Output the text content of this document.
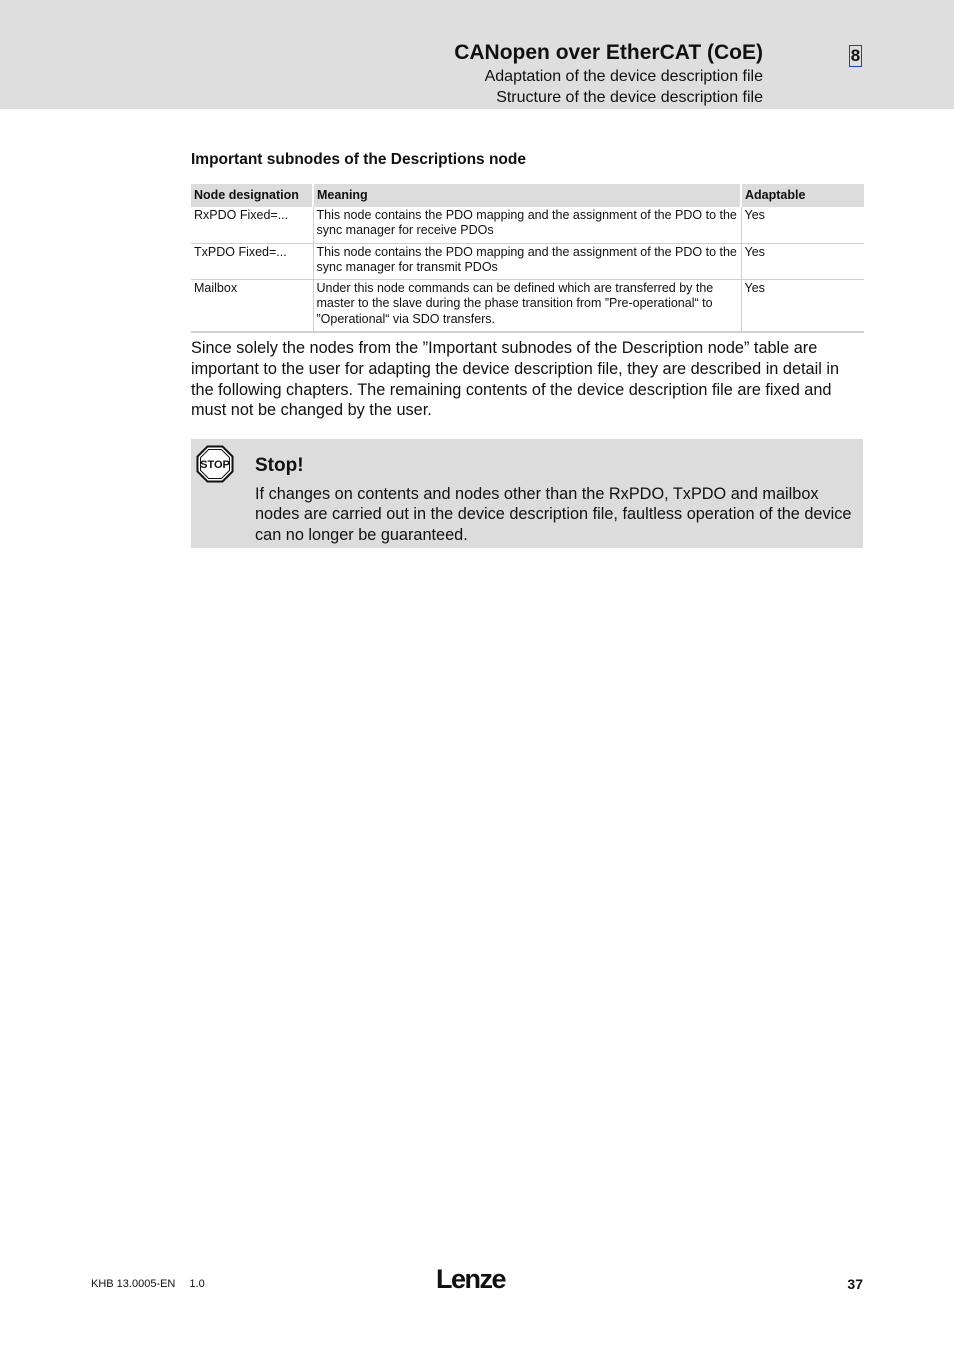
CANopen over EtherCAT (CoE)
Adaptation of the device description file
Structure of the device description file
8
Important subnodes of the Descriptions node
Node designation	Meaning	Adaptable
RxPDO Fixed=...	This node contains the PDO mapping and the assignment of the PDO to the sync manager for receive PDOs	Yes
TxPDO Fixed=...	This node contains the PDO mapping and the assignment of the PDO to the sync manager for transmit PDOs	Yes
Mailbox	Under this node commands can be defined which are transferred by the master to the slave during the phase transition from ”Pre-operational“ to ”Operational“ via SDO transfers.	Yes

Since solely the nodes from the ”Important subnodes of the Description node” table are important to the user for adapting the device description file, they are described in detail in the following chapters. The remaining contents of the device description file are fixed and must not be changed by the user.

STOP Stop!

If changes on contents and nodes other than the RxPDO, TxPDO and mailbox nodes are carried out in the device description file, faultless operation of the device can no longer be guaranteed.

KHB 13.0005-EN 1.0	Lenze	37
